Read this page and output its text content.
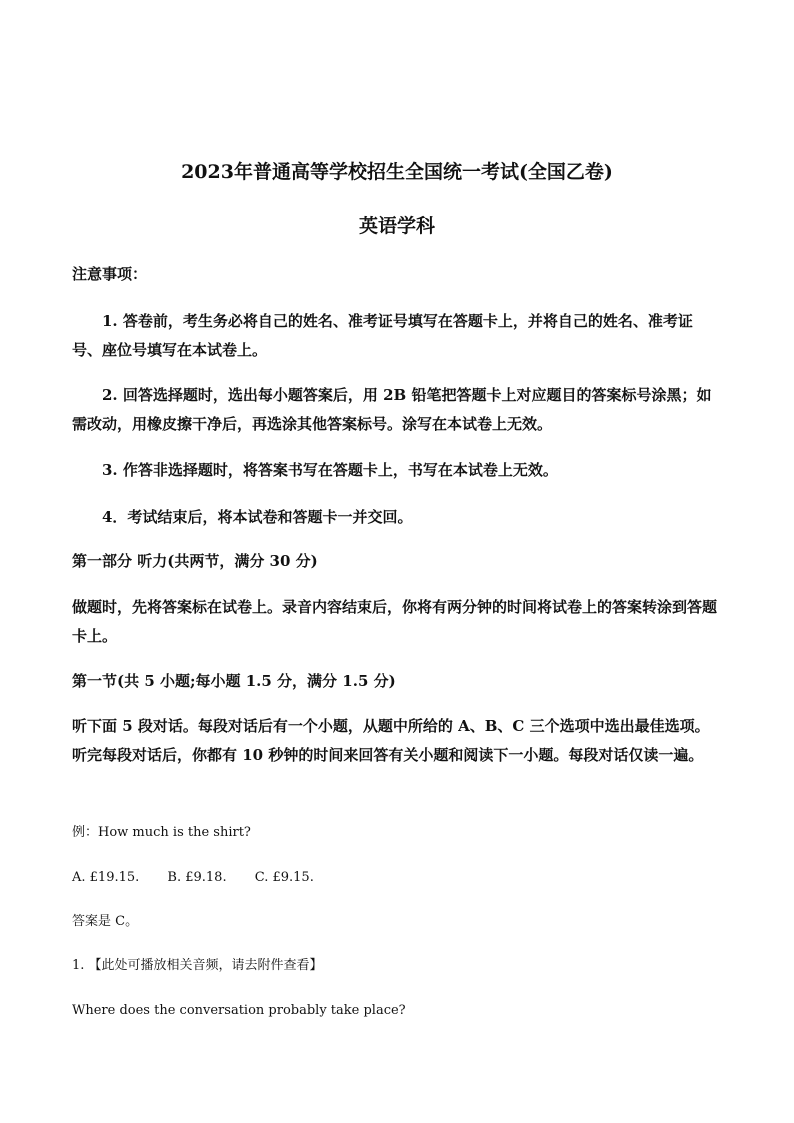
2023年普通高等学校招生全国统一考试(全国乙卷)
英语学科
注意事项：
1. 答卷前，考生务必将自己的姓名、准考证号填写在答题卡上，并将自己的姓名、准考证号、座位号填写在本试卷上。
2. 回答选择题时，选出每小题答案后，用 2B 铅笔把答题卡上对应题目的答案标号涂黑；如需改动，用橡皮擦干净后，再选涂其他答案标号。涂写在本试卷上无效。
3. 作答非选择题时，将答案书写在答题卡上，书写在本试卷上无效。
4．考试结束后，将本试卷和答题卡一并交回。
第一部分 听力(共两节，满分 30 分)
做题时，先将答案标在试卷上。录音内容结束后，你将有两分钟的时间将试卷上的答案转涂到答题卡上。
第一节(共 5 小题;每小题 1.5 分，满分 1.5 分)
听下面 5 段对话。每段对话后有一个小题，从题中所给的 A、B、C 三个选项中选出最佳选项。听完每段对话后，你都有 10 秒钟的时间来回答有关小题和阅读下一小题。每段对话仅读一遍。
例：How much is the shirt?
A. £19.15. B. £9.18. C. £9.15.
答案是 C。
1. 【此处可播放相关音频，请去附件查看】
Where does the conversation probably take place?
